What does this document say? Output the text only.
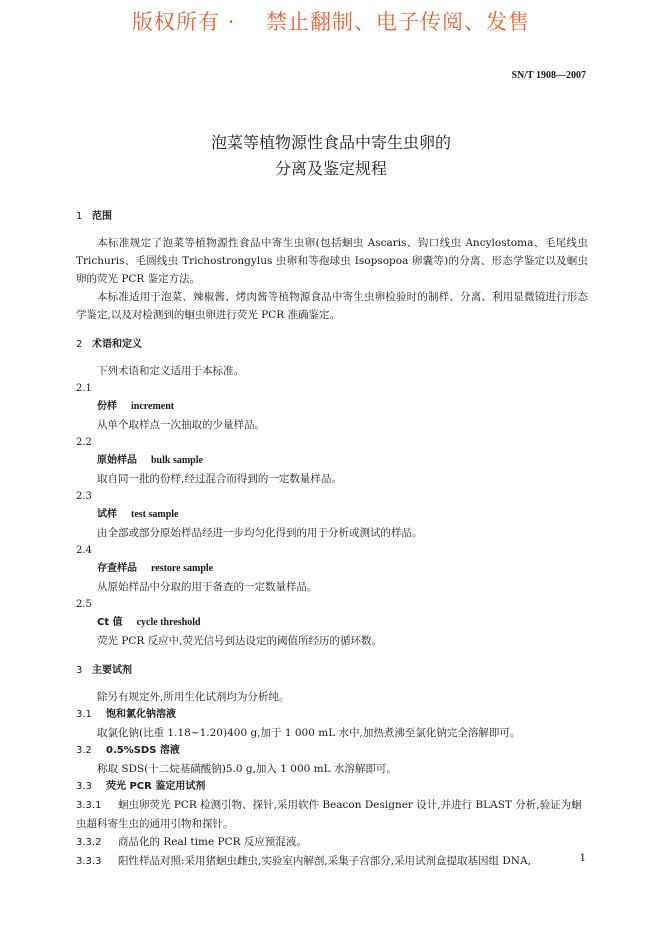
版权所有 ·    禁止翻制、电子传阅、发售
SN/T 1908—2007
泡菜等植物源性食品中寄生虫卵的
分离及鉴定规程

1 范围

本标准规定了泡菜等植物源性食品中寄生虫卵(包括蛔虫 Ascaris、钩口线虫 Ancylostoma、毛尾线虫 Trichuris、毛圆线虫 Trichostrongylus 虫卵和等孢球虫 Isopsopoa 卵囊等)的分离、形态学鉴定以及蛔虫卵的荧光 PCR 鉴定方法。

本标准适用于泡菜、辣椒酱、烤肉酱等植物源食品中寄生虫卵检验时的制样、分离、利用显微镜进行形态学鉴定,以及对检测到的蛔虫卵进行荧光 PCR 准确鉴定。

2 术语和定义

下列术语和定义适用于本标准。

2.1

份样 increment

从单个取样点一次抽取的少量样品。

2.2

原始样品 bulk sample

取自同一批的份样,经过混合而得到的一定数量样品。

2.3

试样 test sample

由全部或部分原始样品经进一步均匀化得到的用于分析或测试的样品。

2.4

存查样品 restore sample

从原始样品中分取的用于备查的一定数量样品。

2.5

Ct 值 cycle threshold

荧光 PCR 反应中,荧光信号到达设定的阈值所经历的循环数。

3 主要试剂

除另有规定外,所用生化试剂均为分析纯。

3.1 饱和氯化钠溶液

取氯化钠(比重 1.18~1.20)400 g,加于 1 000 mL 水中,加热煮沸至氯化钠完全溶解即可。

3.2 0.5%SDS 溶液

称取 SDS(十二烷基磺酸钠)5.0 g,加入 1 000 mL 水溶解即可。

3.3 荧光 PCR 鉴定用试剂

3.3.1 蛔虫卵荧光 PCR 检测引物、探针,采用软件 Beacon Designer 设计,并进行 BLAST 分析,验证为蛔虫超科寄生虫的通用引物和探针。

3.3.2 商品化的 Real time PCR 反应预混液。

3.3.3 阳性样品对照:采用猪蛔虫雌虫,实验室内解剖,采集子宫部分,采用试剂盒提取基因组 DNA,	1
